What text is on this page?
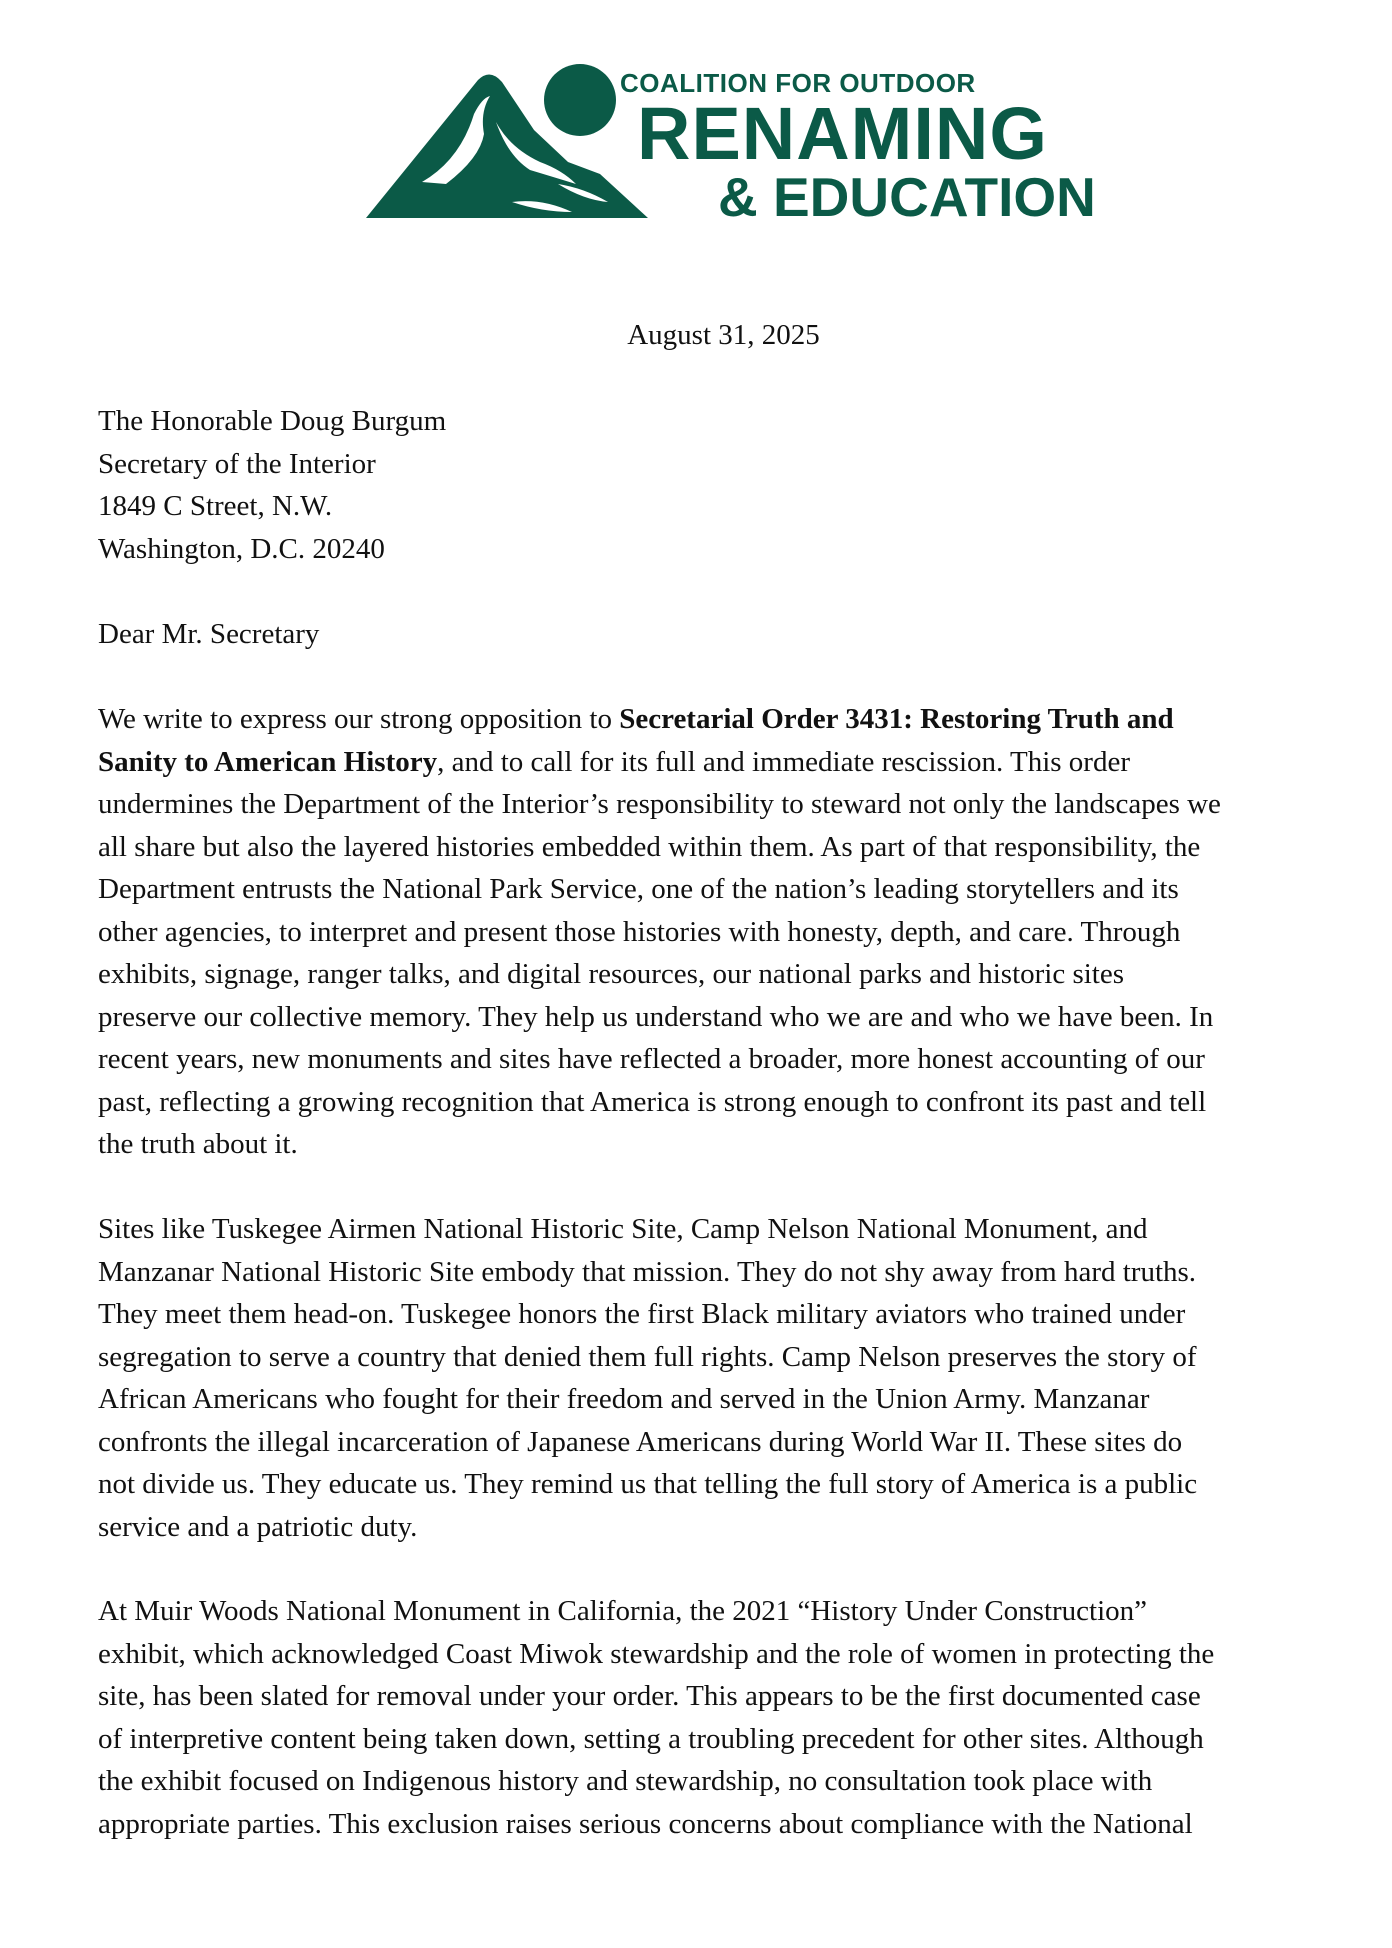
COALITION FOR OUTDOOR
RENAMING
& EDUCATION
August 31, 2025
The Honorable Doug Burgum
Secretary of the Interior
1849 C Street, N.W.
Washington, D.C. 20240
Dear Mr. Secretary
We write to express our strong opposition to Secretarial Order 3431: Restoring Truth and
Sanity to American History, and to call for its full and immediate rescission. This order
undermines the Department of the Interior’s responsibility to steward not only the landscapes we
all share but also the layered histories embedded within them. As part of that responsibility, the
Department entrusts the National Park Service, one of the nation’s leading storytellers and its
other agencies, to interpret and present those histories with honesty, depth, and care. Through
exhibits, signage, ranger talks, and digital resources, our national parks and historic sites
preserve our collective memory. They help us understand who we are and who we have been. In
recent years, new monuments and sites have reflected a broader, more honest accounting of our
past, reflecting a growing recognition that America is strong enough to confront its past and tell
the truth about it.
Sites like Tuskegee Airmen National Historic Site, Camp Nelson National Monument, and
Manzanar National Historic Site embody that mission. They do not shy away from hard truths.
They meet them head-on. Tuskegee honors the first Black military aviators who trained under
segregation to serve a country that denied them full rights. Camp Nelson preserves the story of
African Americans who fought for their freedom and served in the Union Army. Manzanar
confronts the illegal incarceration of Japanese Americans during World War II. These sites do
not divide us. They educate us. They remind us that telling the full story of America is a public
service and a patriotic duty.
At Muir Woods National Monument in California, the 2021 “History Under Construction”
exhibit, which acknowledged Coast Miwok stewardship and the role of women in protecting the
site, has been slated for removal under your order. This appears to be the first documented case
of interpretive content being taken down, setting a troubling precedent for other sites. Although
the exhibit focused on Indigenous history and stewardship, no consultation took place with
appropriate parties. This exclusion raises serious concerns about compliance with the National
